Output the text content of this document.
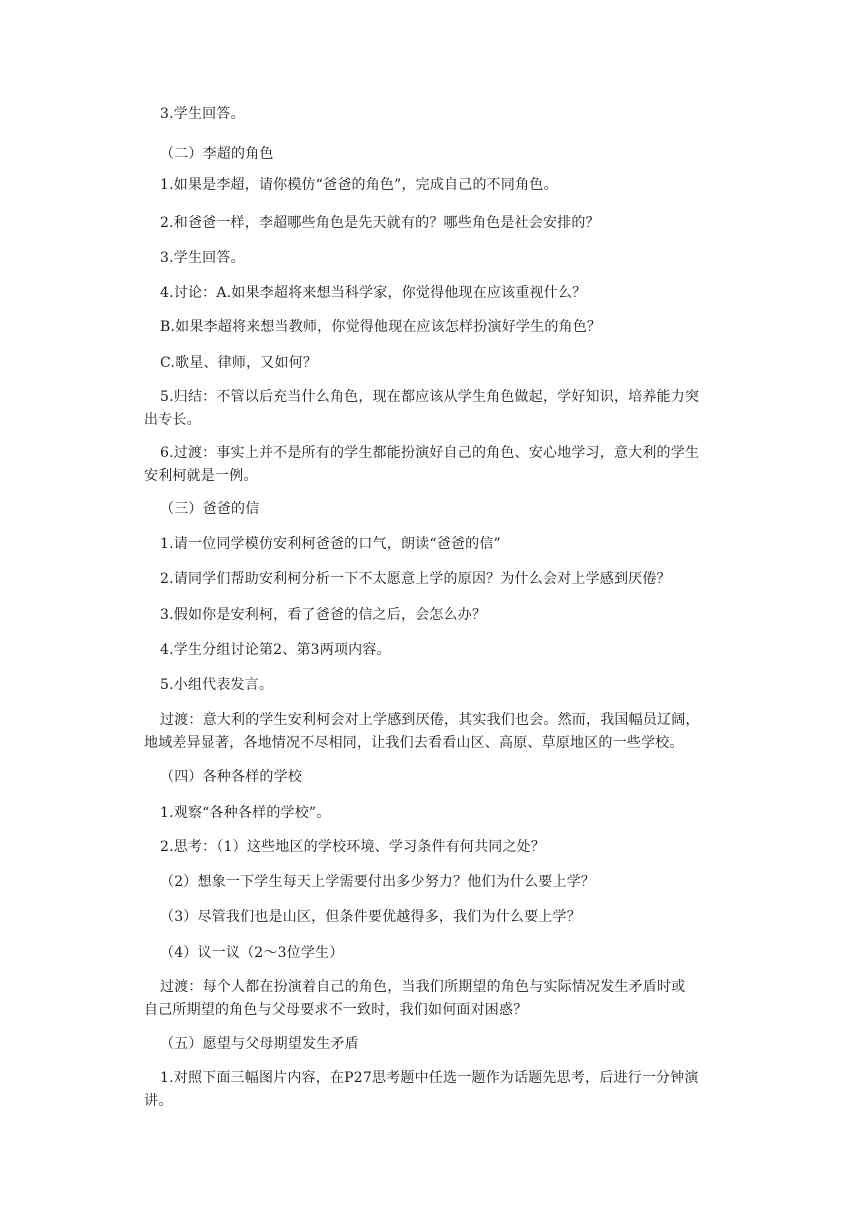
3.学生回答。
（二）李超的角色
1.如果是李超，请你模仿“爸爸的角色”，完成自己的不同角色。
2.和爸爸一样，李超哪些角色是先天就有的？哪些角色是社会安排的？
3.学生回答。
4.讨论：A.如果李超将来想当科学家，你觉得他现在应该重视什么？
B.如果李超将来想当教师，你觉得他现在应该怎样扮演好学生的角色？
C.歌星、律师，又如何？
5.归结：不管以后充当什么角色，现在都应该从学生角色做起，学好知识，培养能力突
出专长。
6.过渡：事实上并不是所有的学生都能扮演好自己的角色、安心地学习，意大利的学生
安利柯就是一例。
（三）爸爸的信
1.请一位同学模仿安利柯爸爸的口气，朗读“爸爸的信”
2.请同学们帮助安利柯分析一下不太愿意上学的原因？为什么会对上学感到厌倦？
3.假如你是安利柯，看了爸爸的信之后，会怎么办？
4.学生分组讨论第2、第3两项内容。
5.小组代表发言。
过渡：意大利的学生安利柯会对上学感到厌倦，其实我们也会。然而，我国幅员辽阔，
地域差异显著，各地情况不尽相同，让我们去看看山区、高原、草原地区的一些学校。
（四）各种各样的学校
1.观察“各种各样的学校”。
2.思考：（1）这些地区的学校环境、学习条件有何共同之处？
（2）想象一下学生每天上学需要付出多少努力？他们为什么要上学？
（3）尽管我们也是山区，但条件要优越得多，我们为什么要上学？
（4）议一议（2～3位学生）
过渡：每个人都在扮演着自己的角色，当我们所期望的角色与实际情况发生矛盾时或
自己所期望的角色与父母要求不一致时，我们如何面对困惑？
（五）愿望与父母期望发生矛盾
1.对照下面三幅图片内容，在P27思考题中任选一题作为话题先思考，后进行一分钟演
讲。
